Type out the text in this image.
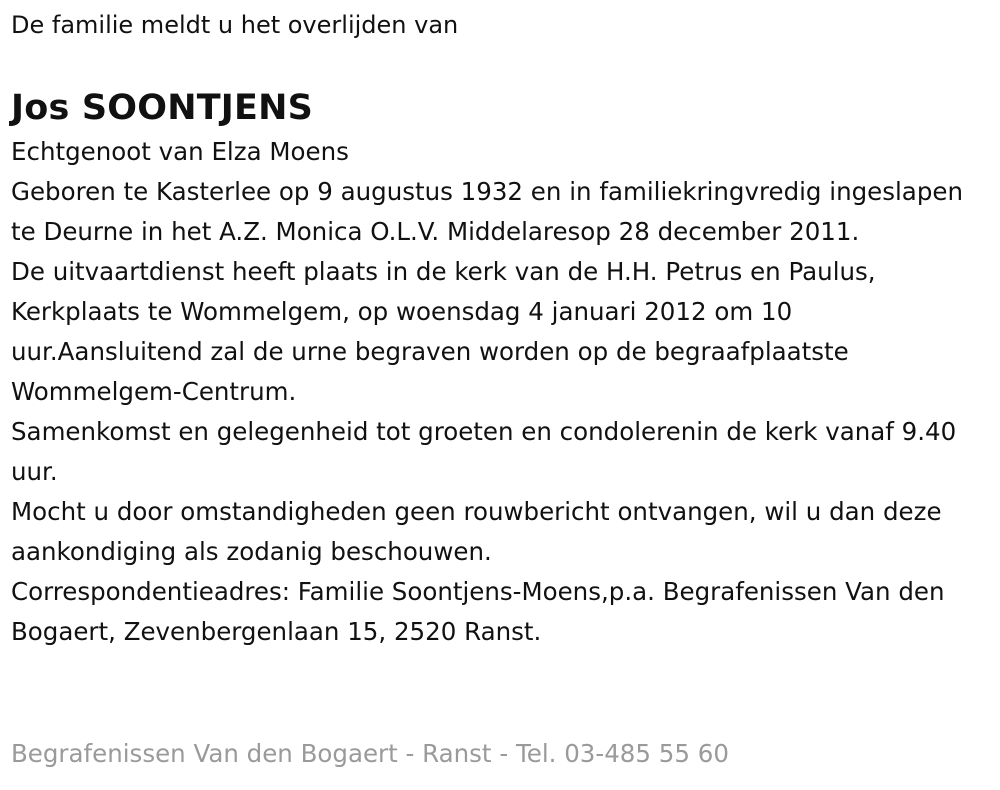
De familie meldt u het overlijden van

Jos SOONTJENS
Echtgenoot van Elza Moens
Geboren te Kasterlee op 9 augustus 1932 en in familiekringvredig ingeslapen te Deurne in het A.Z. Monica O.L.V. Middelaresop 28 december 2011.
De uitvaartdienst heeft plaats in de kerk van de H.H. Petrus en Paulus, Kerkplaats te Wommelgem, op woensdag 4 januari 2012 om 10 uur.Aansluitend zal de urne begraven worden op de begraafplaatste Wommelgem-Centrum.
Samenkomst en gelegenheid tot groeten en condolerenin de kerk vanaf 9.40 uur.
Mocht u door omstandigheden geen rouwbericht ontvangen, wil u dan deze aankondiging als zodanig beschouwen.
Correspondentieadres: Familie Soontjens-Moens,p.a. Begrafenissen Van den Bogaert, Zevenbergenlaan 15, 2520 Ranst.

Begrafenissen Van den Bogaert - Ranst - Tel. 03-485 55 60
